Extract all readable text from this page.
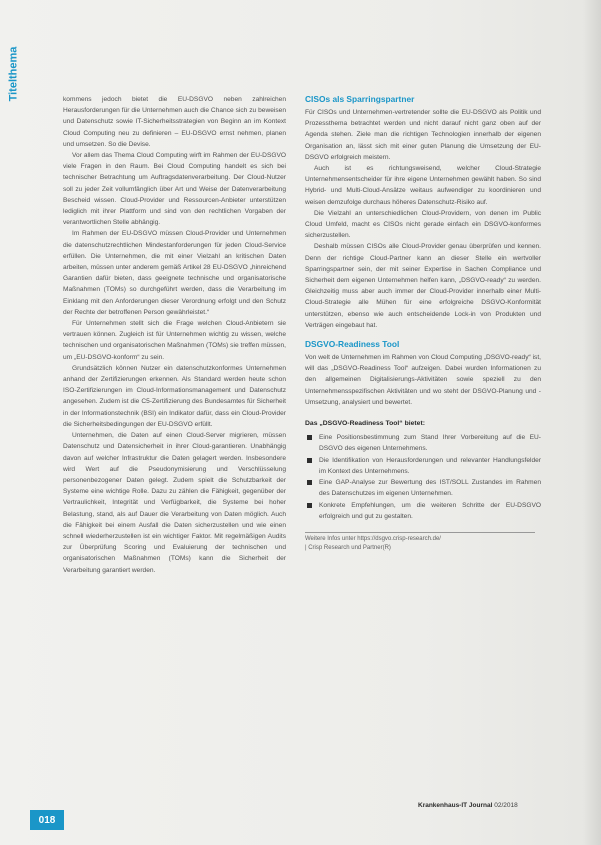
Titelthema	kommens jedoch bietet die EU-DSGVO neben zahlreichen Herausforderungen für die Unternehmen auch die Chance sich zu beweisen und Datenschutz sowie IT-Sicherheitsstrategien von Beginn an im Kontext Cloud Computing neu zu definieren – EU-DSGVO ernst nehmen, planen und umsetzen. So die Devise.

Vor allem das Thema Cloud Computing wirft im Rahmen der EU-DSGVO viele Fragen in den Raum. Bei Cloud Computing handelt es sich bei technischer Betrachtung um Auftragsdatenverarbeitung. Der Cloud-Nutzer soll zu jeder Zeit vollumfänglich über Art und Weise der Datenverarbeitung Bescheid wissen. Cloud-Provider und Ressourcen-Anbieter unterstützen lediglich mit ihrer Plattform und sind von den rechtlichen Vorgaben der verantwortlichen Stelle abhängig.

Im Rahmen der EU-DSGVO müssen Cloud-Provider und Unternehmen die datenschutzrechtlichen Mindestanforderungen für jeden Cloud-Service erfüllen. Die Unternehmen, die mit einer Vielzahl an kritischen Daten arbeiten, müssen unter anderem gemäß Artikel 28 EU-DSGVO „hinreichend Garantien dafür bieten, dass geeignete technische und organisatorische Maßnahmen (TOMs) so durchgeführt werden, dass die Verarbeitung im Einklang mit den Anforderungen dieser Verordnung erfolgt und den Schutz der Rechte der betroffenen Person gewährleistet.“

Für Unternehmen stellt sich die Frage welchen Cloud-Anbietern sie vertrauen können. Zugleich ist für Unternehmen wichtig zu wissen, welche technischen und organisatorischen Maßnahmen (TOMs) sie treffen müssen, um „EU-DSGVO-konform“ zu sein.

Grundsätzlich können Nutzer ein datenschutzkonformes Unternehmen anhand der Zertifizierungen erkennen. Als Standard werden heute schon ISO-Zertifizierungen im Cloud-Informationsmanagement und Datenschutz angesehen. Zudem ist die C5-Zertifizierung des Bundesamtes für Sicherheit in der Informationstechnik (BSI) ein Indikator dafür, dass ein Cloud-Provider die Sicherheitsbedingungen der EU-DSGVO erfüllt.

Unternehmen, die Daten auf einen Cloud-Server migrieren, müssen Datenschutz und Datensicherheit in ihrer Cloud-garantieren. Unabhängig davon auf welcher Infrastruktur die Daten gelagert werden. Insbesondere wird Wert auf die Pseudonymisierung und Verschlüsselung personenbezogener Daten gelegt. Zudem spielt die Schutzbarkeit der Systeme eine wichtige Rolle. Dazu zu zählen die Fähigkeit, gegenüber der Vertraulichkeit, Integrität und Verfügbarkeit, die Systeme bei hoher Belastung, stand, als auf Dauer die Verarbeitung von Daten möglich. Auch die Fähigkeit bei einem Ausfall die Daten sicherzustellen und wie einen schnell wiederherzustellen ist ein wichtiger Faktor. Mit regelmäßigen Audits zur Überprüfung Scoring und Evaluierung der technischen und organisatorischen Maßnahmen (TOMs) kann die Sicherheit der Verarbeitung garantiert werden.

CISOs als Sparringspartner

Für CISOs und Unternehmen-vertretender sollte die EU-DSGVO als Politik und Prozessthema betrachtet werden und nicht darauf nicht ganz oben auf der Agenda stehen. Ziele man die richtigen Technologien innerhalb der eigenen Organisation an, lässt sich mit einer guten Planung die Umsetzung der EU-DSGVO erfolgreich meistern.

Auch ist es richtungsweisend, welcher Cloud-Strategie Unternehmensentscheider für ihre eigene Unternehmen gewählt haben. So sind Hybrid- und Multi-Cloud-Ansätze weitaus aufwendiger zu koordinieren und weisen demzufolge durchaus höheres Datenschutz-Risiko auf.

Die Vielzahl an unterschiedlichen Cloud-Providern, von denen im Public Cloud Umfeld, macht es CISOs nicht gerade einfach ein DSGVO-konformes sicherzustellen.

Deshalb müssen CISOs alle Cloud-Provider genau überprüfen und kennen. Denn der richtige Cloud-Partner kann an dieser Stelle ein wertvoller Sparringspartner sein, der mit seiner Expertise in Sachen Compliance und Sicherheit dem eigenen Unternehmen helfen kann, „DSGVO-ready“ zu werden. Gleichzeitig muss aber auch immer der Cloud-Provider innerhalb einer Multi-Cloud-Strategie alle Mühen für eine erfolgreiche DSGVO-Konformität unterstützen, ebenso wie auch entscheidende Lock-in von Produkten und Verträgen eingebaut hat.

DSGVO-Readiness Tool

Von welt de Unternehmen im Rahmen von Cloud Computing „DSGVO-ready“ ist, will das „DSGVO-Readiness Tool“ aufzeigen. Dabei wurden Informationen zu den allgemeinen Digitalisierungs-Aktivitäten sowie speziell zu den Unternehmensspezifischen Aktivitäten und wo steht der DSGVO-Planung und -Umsetzung, analysiert und bewertet.

Das „DSGVO-Readiness Tool“ bietet:
Eine Positionsbestimmung zum Stand Ihrer Vorbereitung auf die EU-DSGVO des eigenen Unternehmens.
Die Identifikation von Herausforderungen und relevanter Handlungsfelder im Kontext des Unternehmens.
Eine GAP-Analyse zur Bewertung des IST/SOLL Zustandes im Rahmen des Datenschutzes im eigenen Unternehmen.
Konkrete Empfehlungen, um die weiteren Schritte der EU-DSGVO erfolgreich und gut zu gestalten.
Weitere Infos unter https://dsgvo.crisp-research.de/
| Crisp Research und Partner(R)
018
Krankenhaus-IT Journal 02/2018
